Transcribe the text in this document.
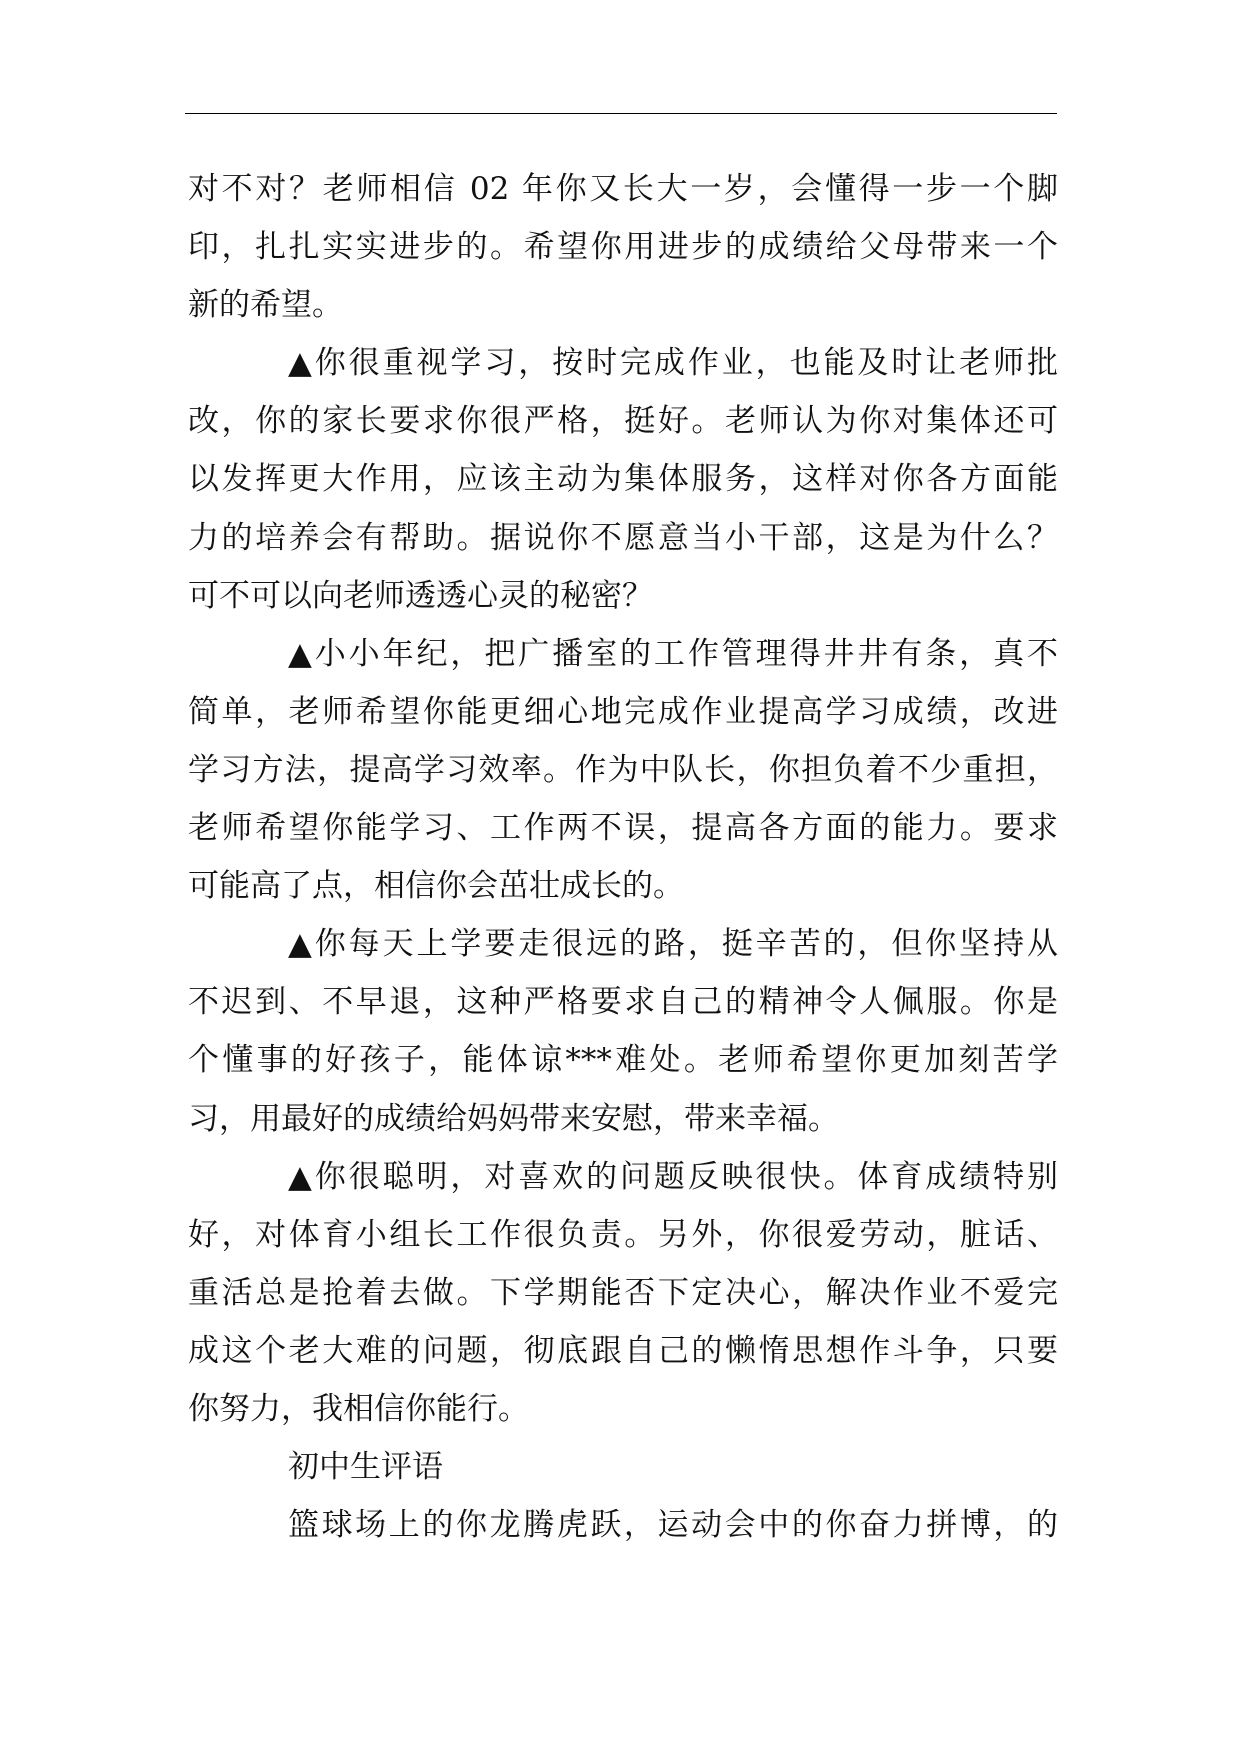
对不对？老师相信 02 年你又长大一岁，会懂得一步一个脚
印，扎扎实实进步的。希望你用进步的成绩给父母带来一个
新的希望。
▲你很重视学习，按时完成作业，也能及时让老师批
改，你的家长要求你很严格，挺好。老师认为你对集体还可
以发挥更大作用，应该主动为集体服务，这样对你各方面能
力的培养会有帮助。据说你不愿意当小干部，这是为什么？
可不可以向老师透透心灵的秘密？
▲小小年纪，把广播室的工作管理得井井有条，真不
简单，老师希望你能更细心地完成作业提高学习成绩，改进
学习方法，提高学习效率。作为中队长，你担负着不少重担，
老师希望你能学习、工作两不误，提高各方面的能力。要求
可能高了点，相信你会茁壮成长的。
▲你每天上学要走很远的路，挺辛苦的，但你坚持从
不迟到、不早退，这种严格要求自己的精神令人佩服。你是
个懂事的好孩子，能体谅***难处。老师希望你更加刻苦学
习，用最好的成绩给妈妈带来安慰，带来幸福。
▲你很聪明，对喜欢的问题反映很快。体育成绩特别
好，对体育小组长工作很负责。另外，你很爱劳动，脏话、
重活总是抢着去做。下学期能否下定决心，解决作业不爱完
成这个老大难的问题，彻底跟自己的懒惰思想作斗争，只要
你努力，我相信你能行。
初中生评语
篮球场上的你龙腾虎跃，运动会中的你奋力拼博，的
